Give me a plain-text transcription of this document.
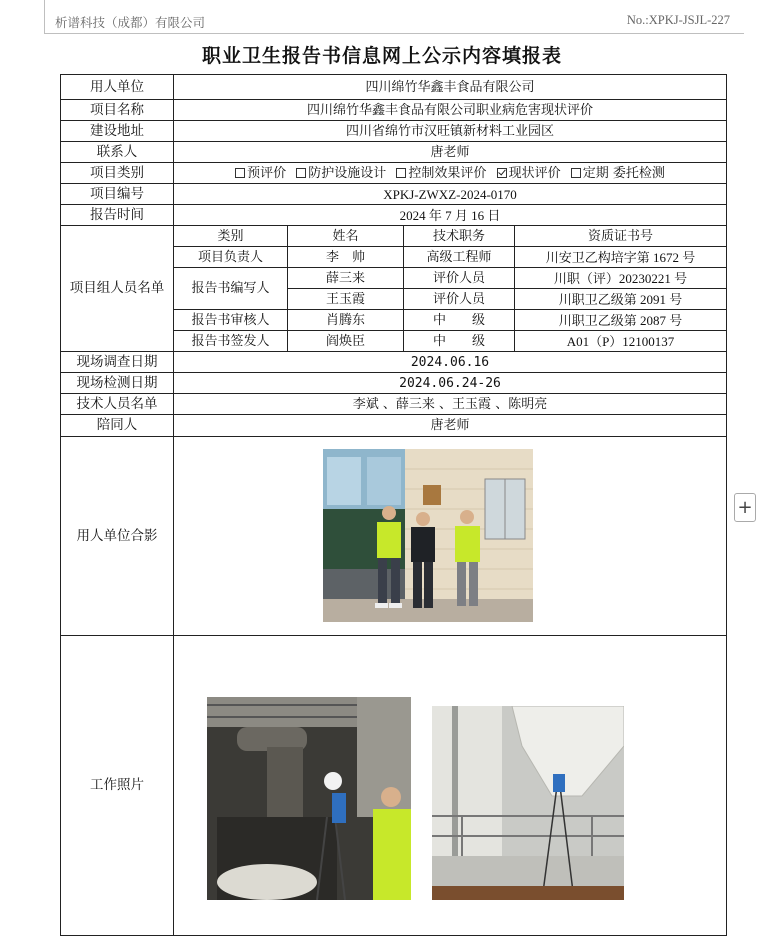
析谱科技（成都）有限公司	No.:XPKJ-JSJL-227
职业卫生报告书信息网上公示内容填报表
用人单位	四川绵竹华鑫丰食品有限公司			
项目名称	四川绵竹华鑫丰食品有限公司职业病危害现状评价			
建设地址	四川省绵竹市汉旺镇新材料工业园区			
联系人	唐老师			
项目类别	预评价 防护设施设计 控制效果评价 现状评价 定期 委托检测			
项目编号	XPKJ-ZWXZ-2024-0170			
报告时间	2024 年 7 月 16 日			
项目组人员名单	类别	姓名	技术职务	资质证书号
	项目负责人	李　帅	高级工程师	川安卫乙构培字第 1672 号
	报告书编写人	薛三来	评价人员	川职（评）20230221 号
		王玉霞	评价人员	川职卫乙级第 2091 号
	报告书审核人	肖腾东	中　　级	川职卫乙级第 2087 号
	报告书签发人	阎焕臣	中　　级	A01（P）12100137
现场调查日期	2024.06.16			
现场检测日期	2024.06.24-26			
技术人员名单	李斌 、薛三来 、王玉霞 、陈明亮			
陪同人	唐老师			
用人单位合影				
工作照片				
+
